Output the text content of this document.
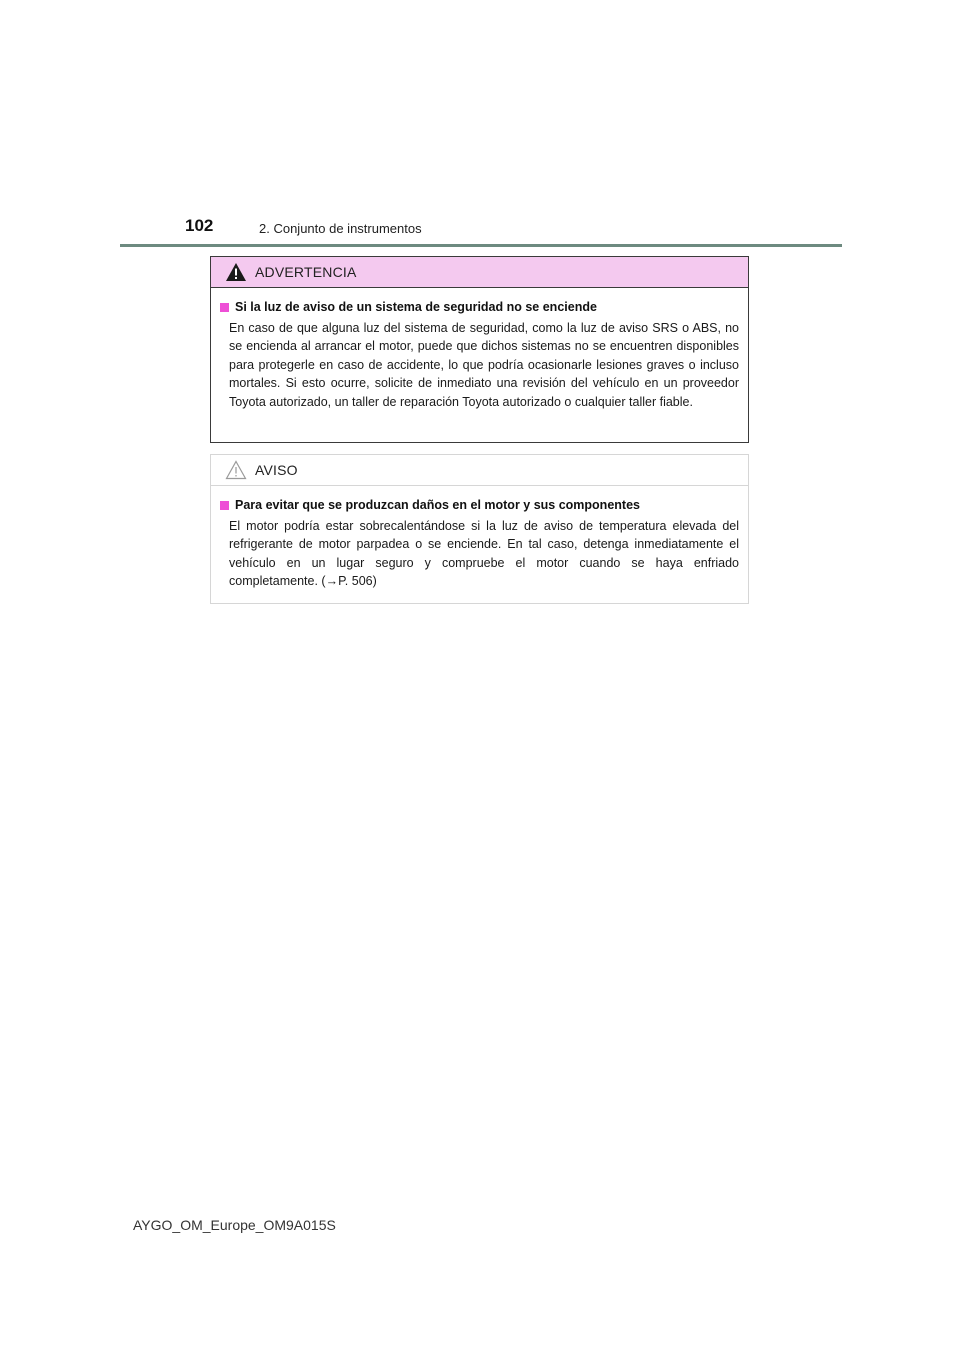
102	2. Conjunto de instrumentos
ADVERTENCIA
Si la luz de aviso de un sistema de seguridad no se enciende
En caso de que alguna luz del sistema de seguridad, como la luz de aviso SRS o ABS, no se encienda al arrancar el motor, puede que dichos sistemas no se encuentren disponibles para protegerle en caso de accidente, lo que podría ocasionarle lesiones graves o incluso mortales. Si esto ocurre, solicite de inmediato una revisión del vehículo en un proveedor Toyota autorizado, un taller de reparación Toyota autorizado o cualquier taller fiable.
AVISO
Para evitar que se produzcan daños en el motor y sus componentes
El motor podría estar sobrecalentándose si la luz de aviso de temperatura elevada del refrigerante de motor parpadea o se enciende. En tal caso, detenga inmediatamente el vehículo en un lugar seguro y compruebe el motor cuando se haya enfriado completamente. (→P. 506)
AYGO_OM_Europe_OM9A015S
